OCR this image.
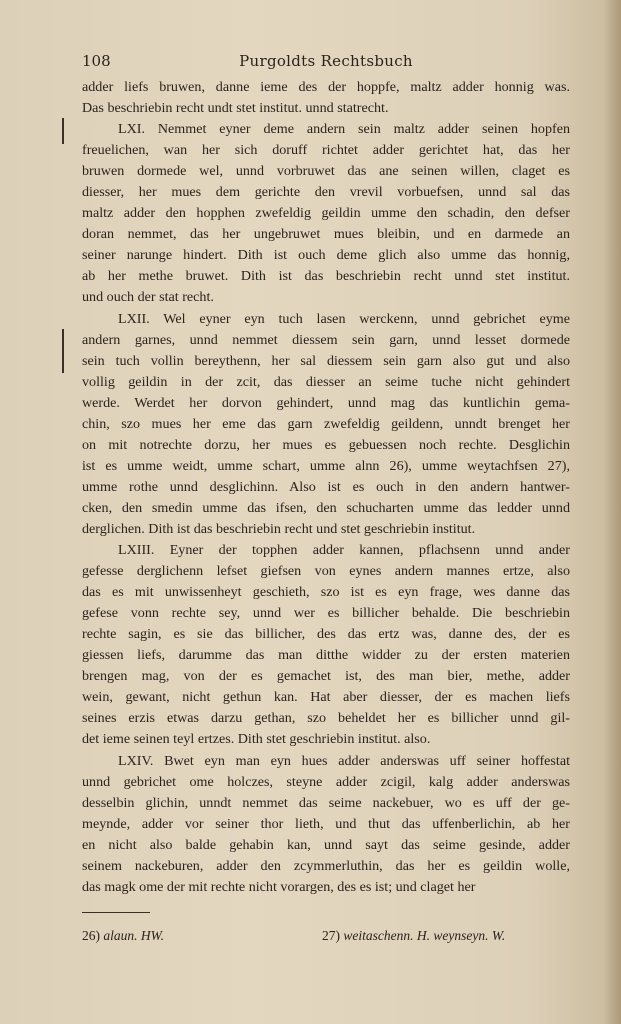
108	Purgoldts Rechtsbuch
adder liefs bruwen, danne ieme des der hoppfe, maltz adder honnig was.
Das beschriebin recht undt stet institut. unnd statrecht.
LXI. Nemmet eyner deme andern sein maltz adder seinen hopfen
freuelichen, wan her sich doruff richtet adder gerichtet hat, das her
bruwen dormede wel, unnd vorbruwet das ane seinen willen, claget es
diesser, her mues dem gerichte den vrevil vorbuefsen, unnd sal das
maltz adder den hopphen zwefeldig geildin umme den schadin, den defser
doran nemmet, das her ungebruwet mues bleibin, und en darmede an
seiner narunge hindert. Dith ist ouch deme glich also umme das honnig,
ab her methe bruwet. Dith ist das beschriebin recht unnd stet institut.
und ouch der stat recht.
LXII. Wel eyner eyn tuch lasen werckenn, unnd gebrichet eyme
andern garnes, unnd nemmet diessem sein garn, unnd lesset dormede
sein tuch vollin bereythenn, her sal diessem sein garn also gut und also
vollig geildin in der zcit, das diesser an seime tuche nicht gehindert
werde. Werdet her dorvon gehindert, unnd mag das kuntlichin gema-
chin, szo mues her eme das garn zwefeldig geildenn, unndt brenget her
on mit notrechte dorzu, her mues es gebuessen noch rechte. Desglichin
ist es umme weidt, umme schart, umme alnn 26), umme weytachfsen 27),
umme rothe unnd desglichinn. Also ist es ouch in den andern hantwer-
cken, den smedin umme das ifsen, den schucharten umme das ledder unnd
derglichen. Dith ist das beschriebin recht und stet geschriebin institut.
LXIII. Eyner der topphen adder kannen, pflachsenn unnd ander
gefesse derglichenn lefset giefsen von eynes andern mannes ertze, also
das es mit unwissenheyt geschieth, szo ist es eyn frage, wes danne das
gefese vonn rechte sey, unnd wer es billicher behalde. Die beschriebin
rechte sagin, es sie das billicher, des das ertz was, danne des, der es
giessen liefs, darumme das man ditthe widder zu der ersten materien
brengen mag, von der es gemachet ist, des man bier, methe, adder
wein, gewant, nicht gethun kan. Hat aber diesser, der es machen liefs
seines erzis etwas darzu gethan, szo beheldet her es billicher unnd gil-
det ieme seinen teyl ertzes. Dith stet geschriebin institut. also.
LXIV. Bwet eyn man eyn hues adder anderswas uff seiner hoffestat
unnd gebrichet ome holczes, steyne adder zcigil, kalg adder anderswas
desselbin glichin, unndt nemmet das seime nackebuer, wo es uff der ge-
meynde, adder vor seiner thor lieth, und thut das uffenberlichin, ab her
en nicht also balde gehabin kan, unnd sayt das seime gesinde, adder
seinem nackeburen, adder den zcymmerluthin, das her es geildin wolle,
das magk ome der mit rechte nicht vorargen, des es ist; und claget her
26) alaun. HW.	27) weitaschenn. H. weynseyn. W.
